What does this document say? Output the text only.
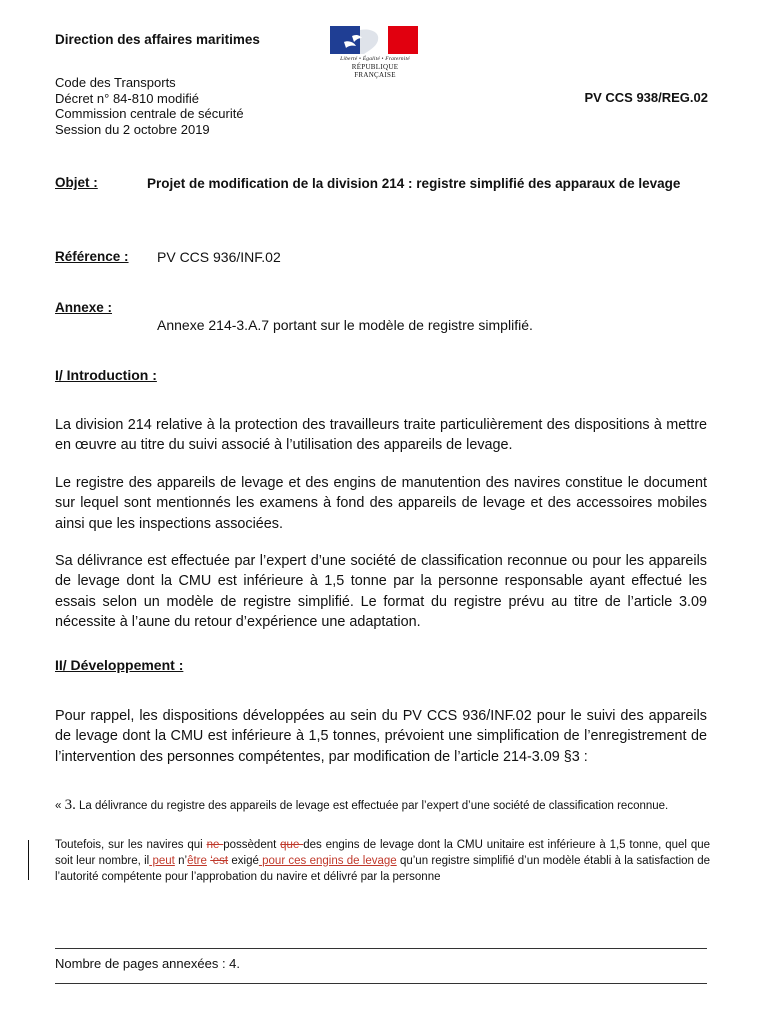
Direction des affaires maritimes
Liberté • Égalité • Fraternité
RÉPUBLIQUE FRANÇAISE
Code des Transports
Décret n° 84-810 modifié
Commission centrale de sécurité
Session du 2 octobre 2019
PV CCS 938/REG.02
Objet :	Projet de modification de la division 214 : registre simplifié des apparaux de levage
Référence : PV CCS 936/INF.02
Annexe :
Annexe 214-3.A.7 portant sur le modèle de registre simplifié.
I/ Introduction :
La division 214 relative à la protection des travailleurs traite particulièrement des dispositions à mettre en œuvre au titre du suivi associé à l’utilisation des appareils de levage.
Le registre des appareils de levage et des engins de manutention des navires constitue le document sur lequel sont mentionnés les examens à fond des appareils de levage et des accessoires mobiles ainsi que les inspections associées.
Sa délivrance est effectuée par l’expert d’une société de classification reconnue ou pour les appareils de levage dont la CMU est inférieure à 1,5 tonne par la personne responsable ayant effectué les essais selon un modèle de registre simplifié. Le format du registre prévu au titre de l’article 3.09 nécessite à l’aune du retour d’expérience une adaptation.
II/ Développement :
Pour rappel, les dispositions développées au sein du PV CCS 936/INF.02 pour le suivi des appareils de levage dont la CMU est inférieure à 1,5 tonnes, prévoient une simplification de l’enregistrement de l’intervention des personnes compétentes, par modification de l’article 214-3.09 §3 :
« 3. La délivrance du registre des appareils de levage est effectuée par l’expert d’une société de classification reconnue.
Toutefois, sur les navires qui ne possèdent que des engins de levage dont la CMU unitaire est inférieure à 1,5 tonne, quel que soit leur nombre, il peut n’être ‘est exigé pour ces engins de levage qu’un registre simplifié d’un modèle établi à la satisfaction de l’autorité compétente pour l’approbation du navire et délivré par la personne
Nombre de pages annexées : 4.
